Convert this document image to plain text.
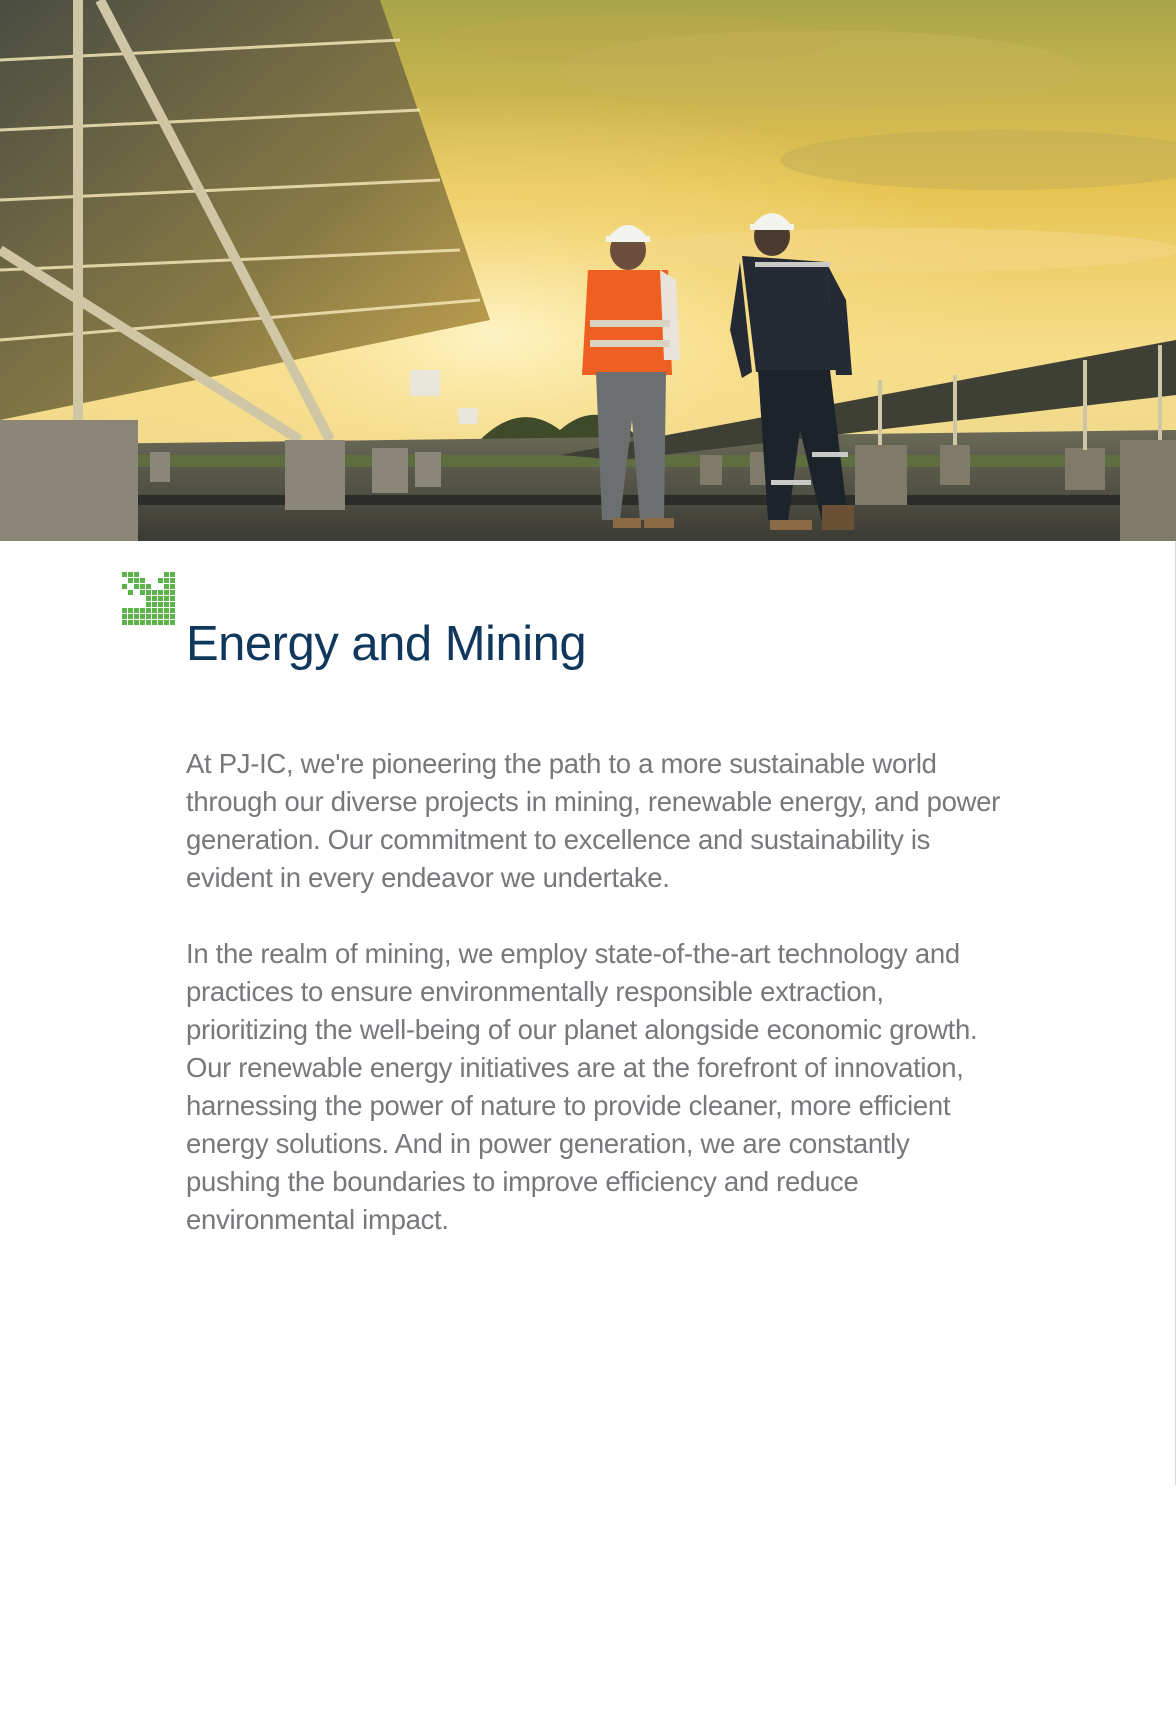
Energy and Mining

At PJ-IC, we're pioneering the path to a more sustainable world through our diverse projects in mining, renewable energy, and power generation. Our commitment to excellence and sustainability is evident in every endeavor we undertake.

In the realm of mining, we employ state-of-the-art technology and practices to ensure environmentally responsible extraction, prioritizing the well-being of our planet alongside economic growth. Our renewable energy initiatives are at the forefront of innovation, harnessing the power of nature to provide cleaner, more efficient energy solutions. And in power generation, we are constantly pushing the boundaries to improve efficiency and reduce environmental impact.
